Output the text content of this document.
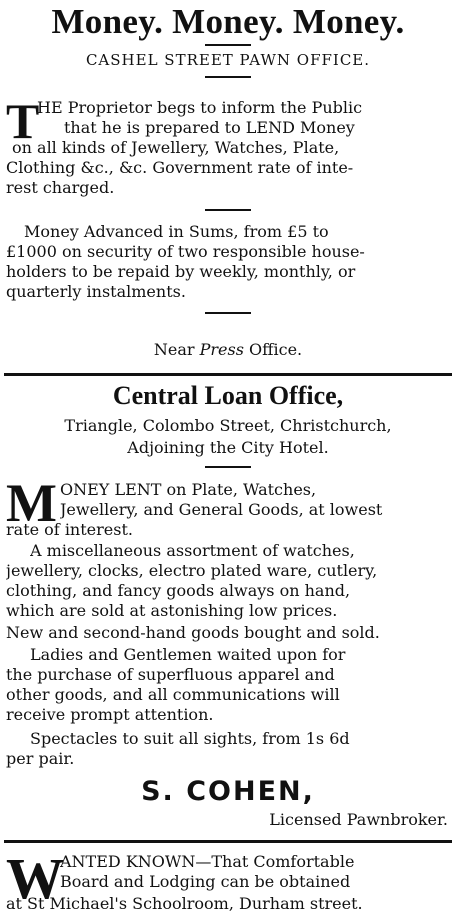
Money. Money. Money.
CASHEL STREET PAWN OFFICE.
T
HE Proprietor begs to inform the Public
that he is prepared to LEND Money
on all kinds of Jewellery, Watches, Plate,
Clothing &c., &c. Government rate of inte-
rest charged.
Money Advanced in Sums, from £5 to
£1000 on security of two responsible house-
holders to be repaid by weekly, monthly, or
quarterly instalments.
Near Press Office.
Central Loan Office,
Triangle, Colombo Street, Christchurch,
Adjoining the City Hotel.
M ONEY LENT on Plate, Watches,
Jewellery, and General Goods, at lowest
rate of interest.
A miscellaneous assortment of watches,
jewellery, clocks, electro plated ware, cutlery,
clothing, and fancy goods always on hand,
which are sold at astonishing low prices.
New and second-hand goods bought and sold.
Ladies and Gentlemen waited upon for
the purchase of superfluous apparel and
other goods, and all communications will
receive prompt attention.
Spectacles to suit all sights, from 1s 6d
per pair.
S. COHEN,
Licensed Pawnbroker.
W
ANTED KNOWN—That Comfortable
Board and Lodging can be obtained
at St Michael's Schoolroom, Durham street.
